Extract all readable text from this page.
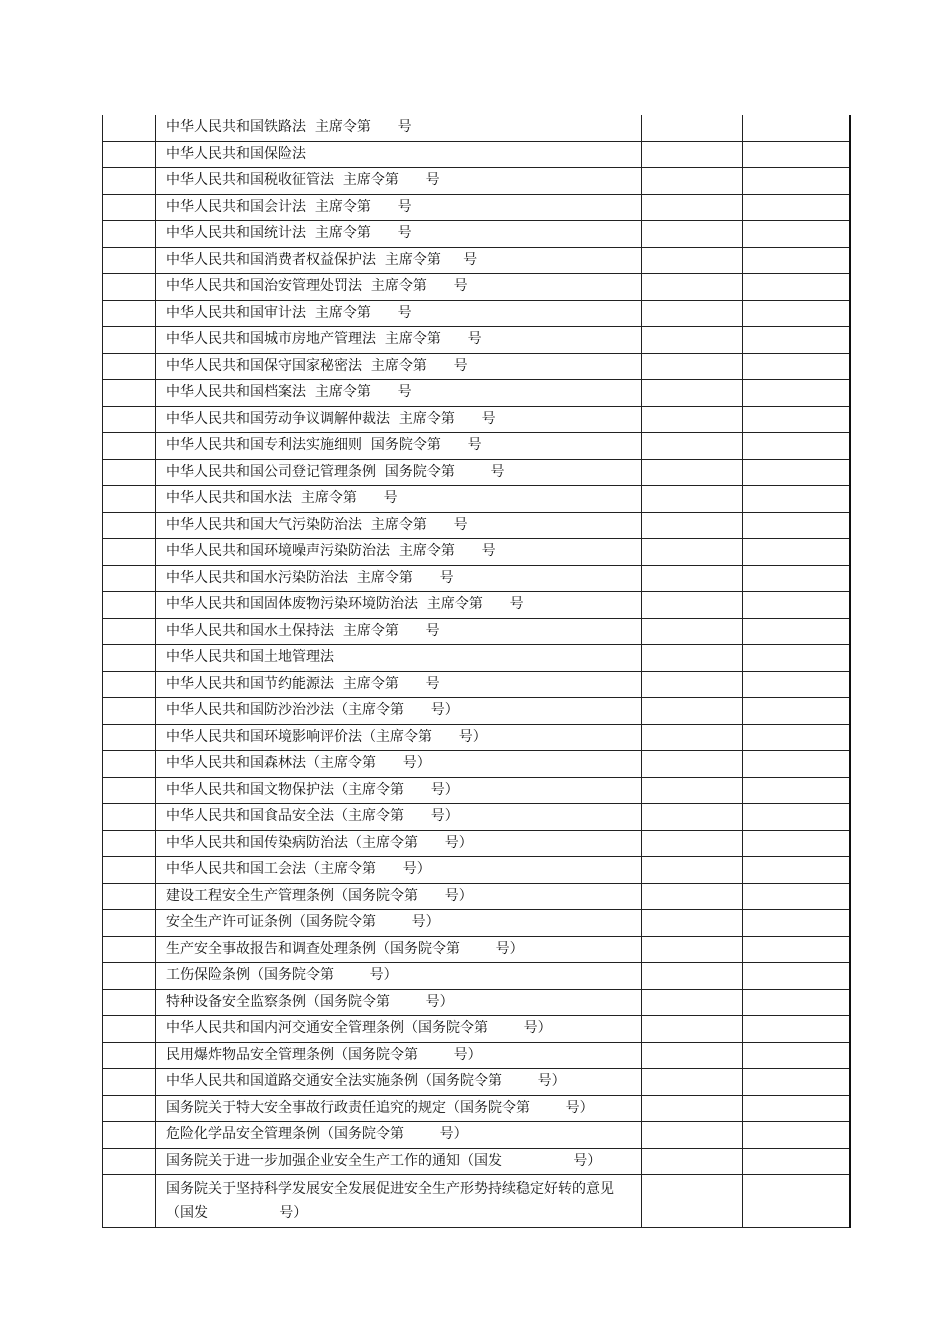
	中华人民共和国铁路法  主席令第      号		
	中华人民共和国保险法		
	中华人民共和国税收征管法  主席令第      号		
	中华人民共和国会计法  主席令第      号		
	中华人民共和国统计法  主席令第      号		
	中华人民共和国消费者权益保护法  主席令第     号		
	中华人民共和国治安管理处罚法  主席令第      号		
	中华人民共和国审计法  主席令第      号		
	中华人民共和国城市房地产管理法  主席令第      号		
	中华人民共和国保守国家秘密法  主席令第      号		
	中华人民共和国档案法  主席令第      号		
	中华人民共和国劳动争议调解仲裁法  主席令第      号		
	中华人民共和国专利法实施细则  国务院令第      号		
	中华人民共和国公司登记管理条例  国务院令第        号		
	中华人民共和国水法  主席令第      号		
	中华人民共和国大气污染防治法  主席令第      号		
	中华人民共和国环境噪声污染防治法  主席令第      号		
	中华人民共和国水污染防治法  主席令第      号		
	中华人民共和国固体废物污染环境防治法  主席令第      号		
	中华人民共和国水土保持法  主席令第      号		
	中华人民共和国土地管理法		
	中华人民共和国节约能源法  主席令第      号		
	中华人民共和国防沙治沙法（主席令第      号）		
	中华人民共和国环境影响评价法（主席令第      号）		
	中华人民共和国森林法（主席令第      号）		
	中华人民共和国文物保护法（主席令第      号）		
	中华人民共和国食品安全法（主席令第      号）		
	中华人民共和国传染病防治法（主席令第      号）		
	中华人民共和国工会法（主席令第      号）		
	建设工程安全生产管理条例（国务院令第      号）		
	安全生产许可证条例（国务院令第        号）		
	生产安全事故报告和调查处理条例（国务院令第        号）		
	工伤保险条例（国务院令第        号）		
	特种设备安全监察条例（国务院令第        号）		
	中华人民共和国内河交通安全管理条例（国务院令第        号）		
	民用爆炸物品安全管理条例（国务院令第        号）		
	中华人民共和国道路交通安全法实施条例（国务院令第        号）		
	国务院关于特大安全事故行政责任追究的规定（国务院令第        号）		
	危险化学品安全管理条例（国务院令第        号）		
	国务院关于进一步加强企业安全生产工作的通知（国发                号）		
	国务院关于坚持科学发展安全发展促进安全生产形势持续稳定好转的意见（国发                号）		
